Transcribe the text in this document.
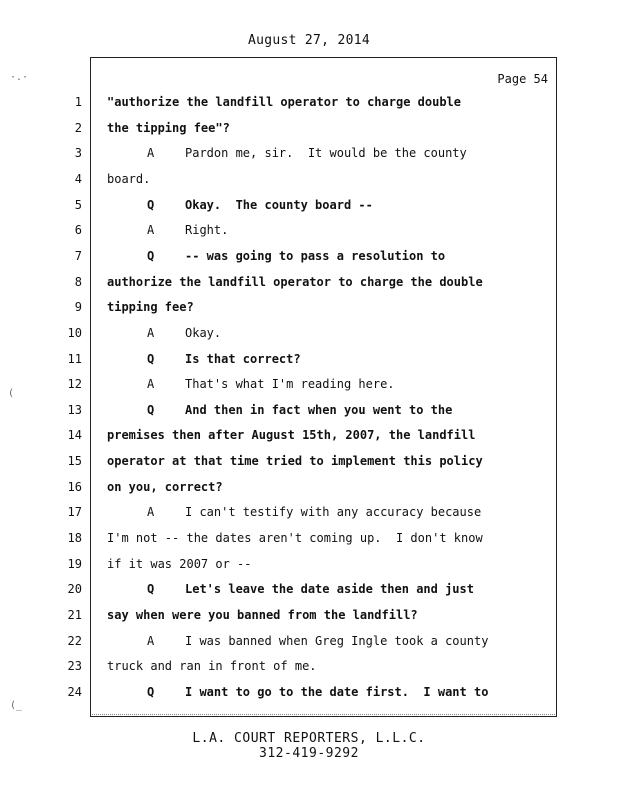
August 27, 2014
Page 54
1 "authorize the landfill operator to charge double
2 the tipping fee"?
3	A	Pardon me, sir.  It would be the county
4 board.
5	Q	Okay.  The county board --
6	A	Right.
7	Q	-- was going to pass a resolution to
8 authorize the landfill operator to charge the double
9 tipping fee?
10	A	Okay.
11	Q	Is that correct?
12	A	That's what I'm reading here.
13	Q	And then in fact when you went to the
14 premises then after August 15th, 2007, the landfill
15 operator at that time tried to implement this policy
16 on you, correct?
17	A	I can't testify with any accuracy because
18 I'm not -- the dates aren't coming up.  I don't know
19 if it was 2007 or --
20	Q	Let's leave the date aside then and just
21 say when were you banned from the landfill?
22	A	I was banned when Greg Ingle took a county
23 truck and ran in front of me.
24	Q	I want to go to the date first.  I want to
L.A. COURT REPORTERS, L.L.C.
312-419-9292
·.·
(
(_
